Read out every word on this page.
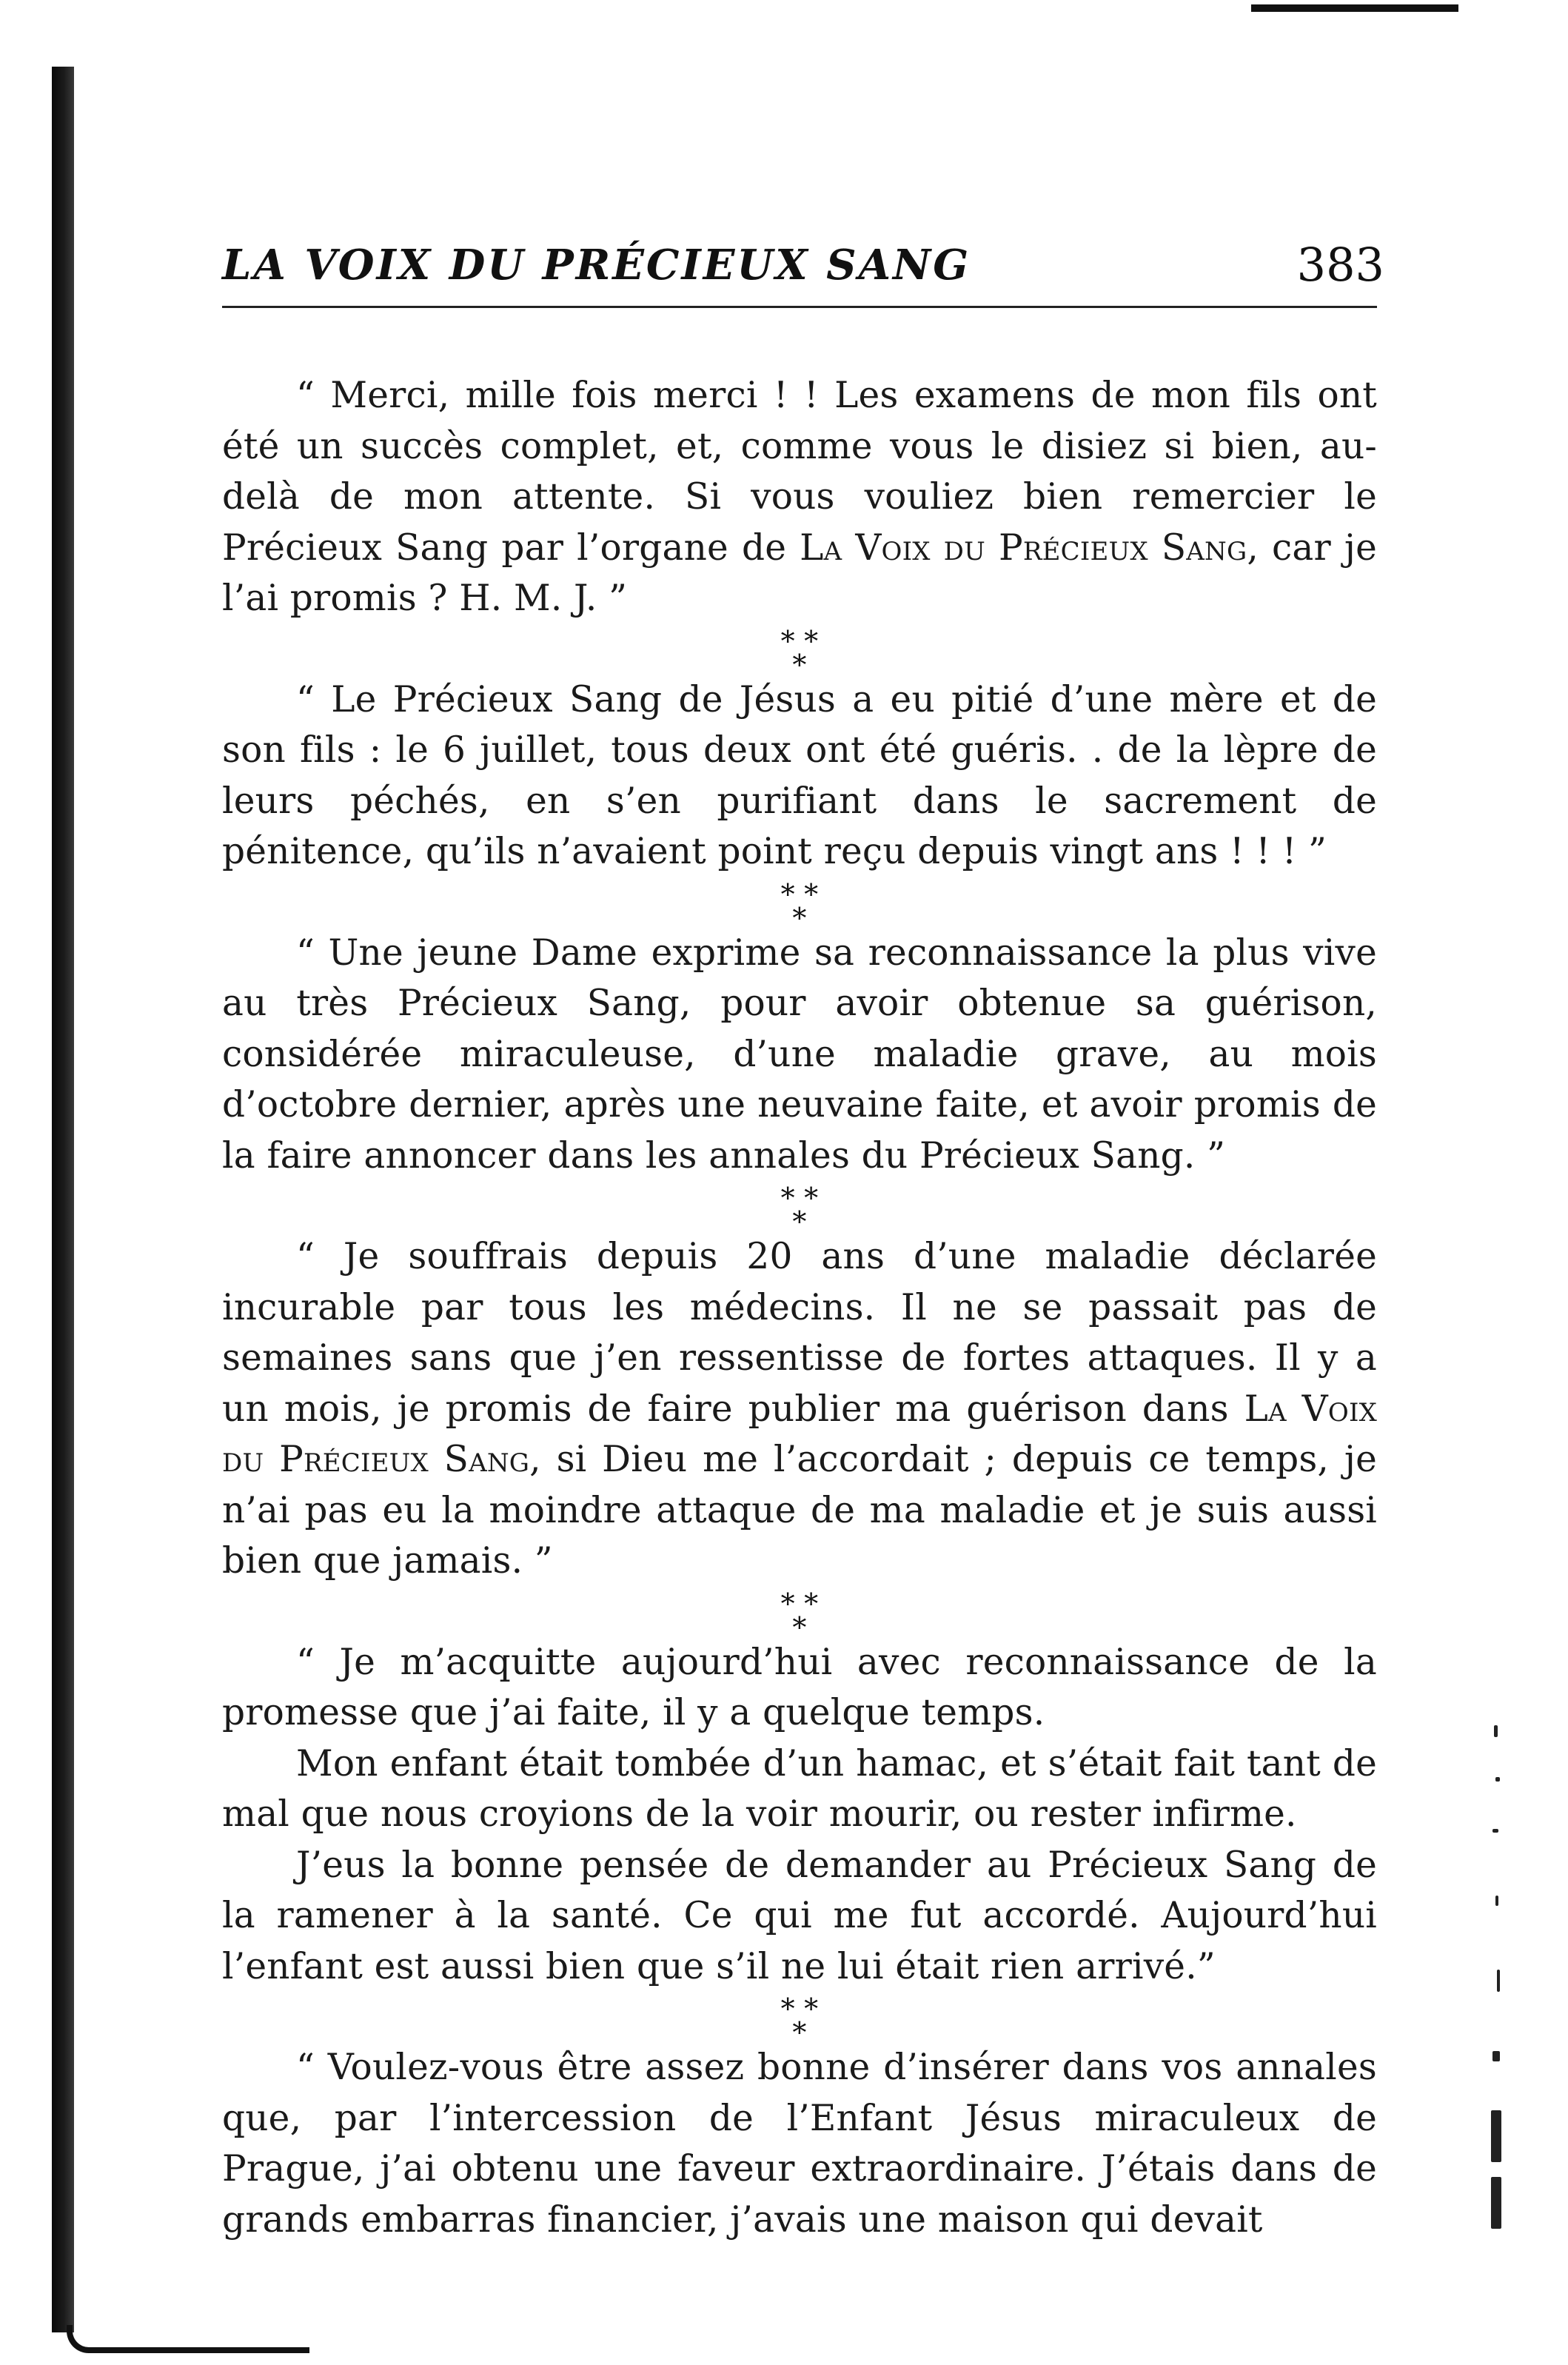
LA VOIX DU PRÉCIEUX SANG	383

“ Merci, mille fois merci ! ! Les examens de mon fils ont été un succès complet, et, comme vous le disiez si bien, au-delà de mon attente. Si vous vouliez bien remercier le Précieux Sang par l’organe de La Voix du Précieux Sang, car je l’ai promis ? H. M. J. ”

* *
*

“ Le Précieux Sang de Jésus a eu pitié d’une mère et de son fils : le 6 juillet, tous deux ont été guéris. . de la lèpre de leurs péchés, en s’en purifiant dans le sacrement de pénitence, qu’ils n’avaient point reçu depuis vingt ans ! ! ! ”

* *
*

“ Une jeune Dame exprime sa reconnaissance la plus vive au très Précieux Sang, pour avoir obtenue sa guérison, considérée miraculeuse, d’une maladie grave, au mois d’octobre dernier, après une neuvaine faite, et avoir promis de la faire annoncer dans les annales du Précieux Sang. ”

* *
*

“ Je souffrais depuis 20 ans d’une maladie déclarée incurable par tous les médecins. Il ne se passait pas de semaines sans que j’en ressentisse de fortes attaques. Il y a un mois, je promis de faire publier ma guérison dans La Voix du Précieux Sang, si Dieu me l’accordait ; depuis ce temps, je n’ai pas eu la moindre attaque de ma maladie et je suis aussi bien que jamais. ”

* *
*

“ Je m’acquitte aujourd’hui avec reconnaissance de la promesse que j’ai faite, il y a quelque temps.

Mon enfant était tombée d’un hamac, et s’était fait tant de mal que nous croyions de la voir mourir, ou rester infirme.

J’eus la bonne pensée de demander au Précieux Sang de la ramener à la santé. Ce qui me fut accordé. Aujourd’hui l’enfant est aussi bien que s’il ne lui était rien arrivé.”

* *
*

“ Voulez-vous être assez bonne d’insérer dans vos annales que, par l’intercession de l’Enfant Jésus miraculeux de Prague, j’ai obtenu une faveur extraordinaire. J’étais dans de grands embarras financier, j’avais une maison qui devait
